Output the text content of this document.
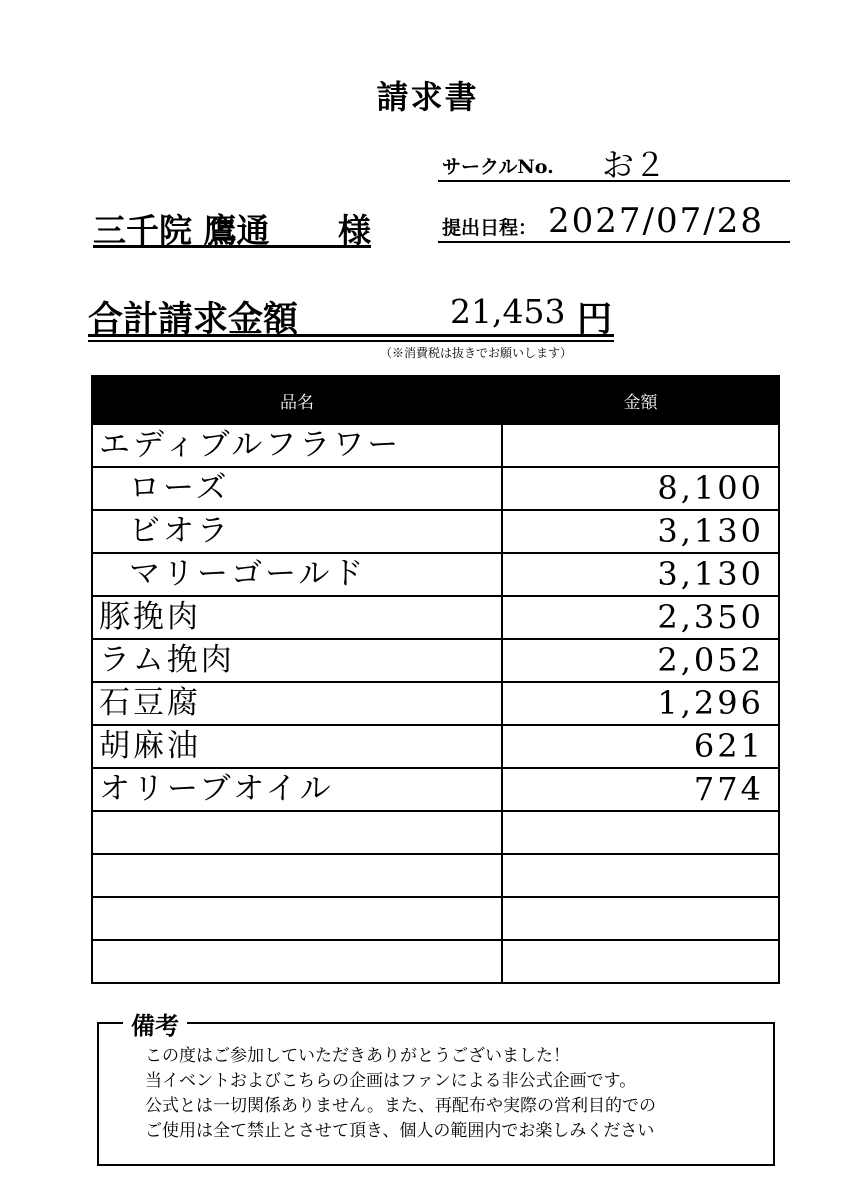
請求書
サークルNo. お２
三千院 鷹通 様	提出日程： 2027/07/28
合計請求金額	21,453 円
（※消費税は抜きでお願いします）
品名	金額
エディブルフラワー	
ローズ	8,100
ビオラ	3,130
マリーゴールド	3,130
豚挽肉	2,350
ラム挽肉	2,052
石豆腐	1,296
胡麻油	621
オリーブオイル	774

備考
この度はご参加していただきありがとうございました！
当イベントおよびこちらの企画はファンによる非公式企画です。
公式とは一切関係ありません。また、再配布や実際の営利目的での
ご使用は全て禁止とさせて頂き、個人の範囲内でお楽しみください
